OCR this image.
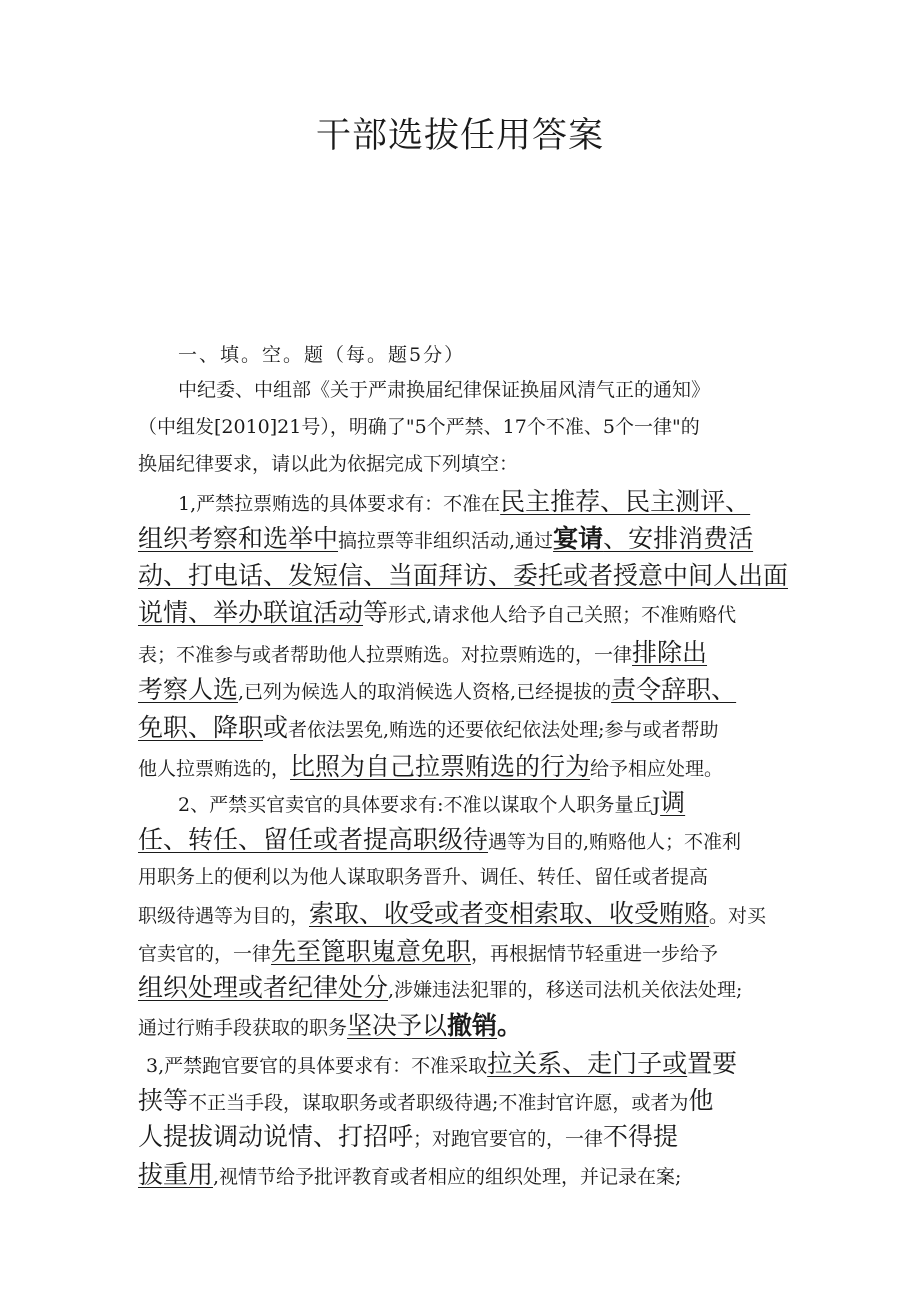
干部选拔任用答案
一、填。空。题（每。题5分）
中纪委、中组部《关于严肃换届纪律保证换届风清气正的通知》
（中组发[2010]21号），明确了"5个严禁、17个不准、5个一律"的
换届纪律要求，请以此为依据完成下列填空：
1,严禁拉票贿选的具体要求有：不准在民主推荐、民主测评、
组织考察和选举中搞拉票等非组织活动,通过宴请、安排消费活
动、打电话、发短信、当面拜访、委托或者授意中间人出面
说情、举办联谊活动等形式,请求他人给予自己关照；不准贿赂代
表；不准参与或者帮助他人拉票贿选。对拉票贿选的，一律排除出
考察人选,已列为候选人的取消候选人资格,已经提拔的责令辞职、
免职、降职或者依法罢免,贿选的还要依纪依法处理;参与或者帮助
他人拉票贿选的，比照为自己拉票贿选的行为给予相应处理。
2、严禁买官卖官的具体要求有:不准以谋取个人职务量丘J调
任、转任、留任或者提高职级待遇等为目的,贿赂他人；不准利
用职务上的便利以为他人谋取职务晋升、调任、转任、留任或者提高
职级待遇等为目的，索取、收受或者变相索取、收受贿赂。对买
官卖官的，一律先至篦职嵬意免职，再根据情节轻重进一步给予
组织处理或者纪律处分,涉嫌违法犯罪的，移送司法机关依法处理;
通过行贿手段获取的职务坚决予以撤销。
3,严禁跑官要官的具体要求有：不准采取拉关系、走门子或置要
挟等不正当手段，谋取职务或者职级待遇;不准封官许愿，或者为他
人提拔调动说情、打招呼；对跑官要官的，一律不得提
拔重用,视情节给予批评教育或者相应的组织处理，并记录在案;
